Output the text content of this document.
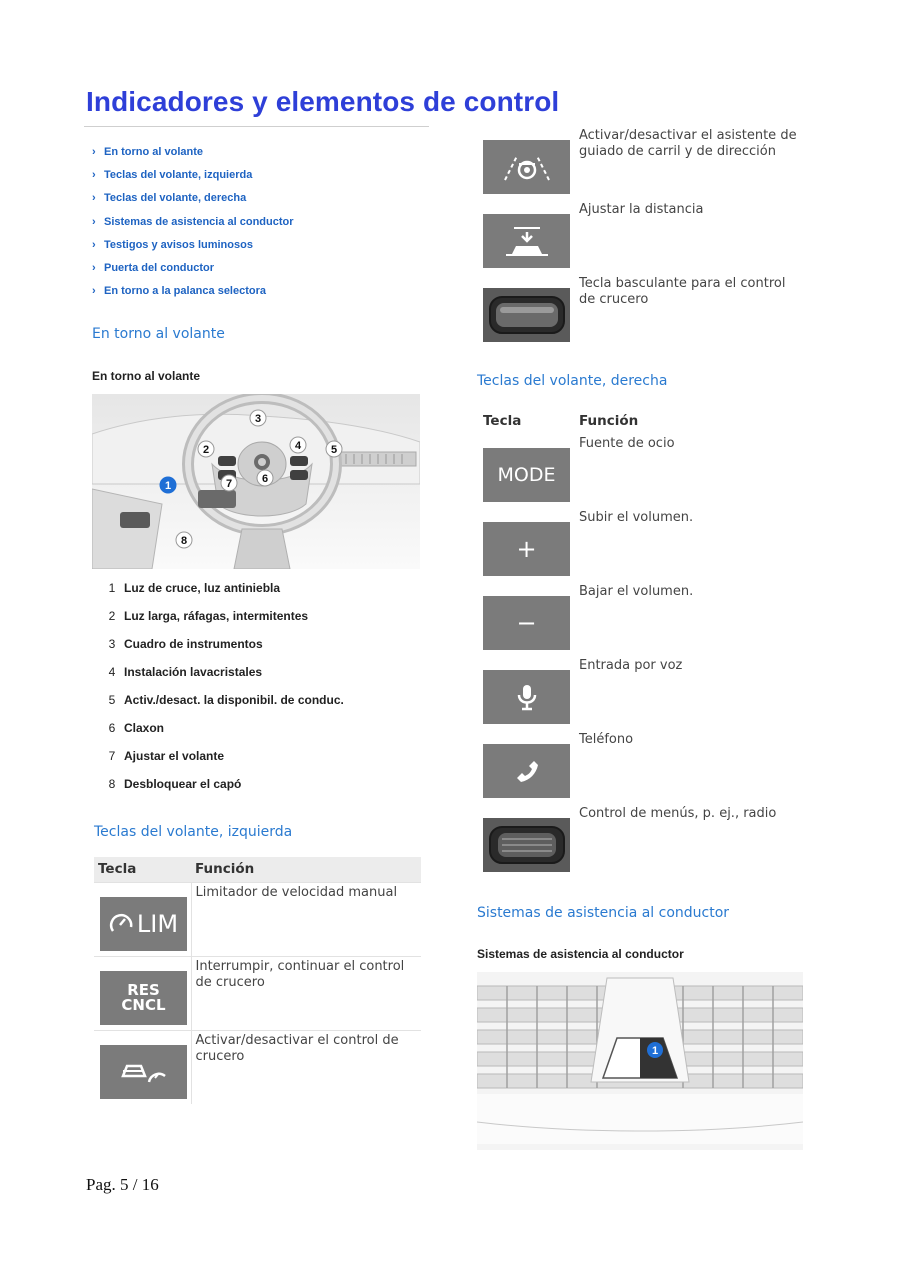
Indicadores y elementos de control
› En torno al volante
› Teclas del volante, izquierda
› Teclas del volante, derecha
› Sistemas de asistencia al conductor
› Testigos y avisos luminosos
› Puerta del conductor
› En torno a la palanca selectora
En torno al volante
En torno al volante
3
2	4	5
6
7
1
8
1 Luz de cruce, luz antiniebla
2 Luz larga, ráfagas, intermitentes
3 Cuadro de instrumentos
4 Instalación lavacristales
5 Activ./desact. la disponibil. de conduc.
6 Claxon
7 Ajustar el volante
8 Desbloquear el capó
Teclas del volante, izquierda
Tecla	Función

LIM	Limitador de velocidad manual

RES
CNCL	Interrumpir, continuar el control de crucero

	Activar/desactivar el control de crucero
	Activar/desactivar el asistente de guiado de carril y de dirección

	Ajustar la distancia

	Tecla basculante para el control de crucero
Teclas del volante, derecha
Tecla	Función

MODE	Fuente de ocio

+	Subir el volumen.

−	Bajar el volumen.

	Entrada por voz

	Teléfono

	Control de menús, p. ej., radio
Sistemas de asistencia al conductor
Sistemas de asistencia al conductor
1
Pag. 5 / 16
